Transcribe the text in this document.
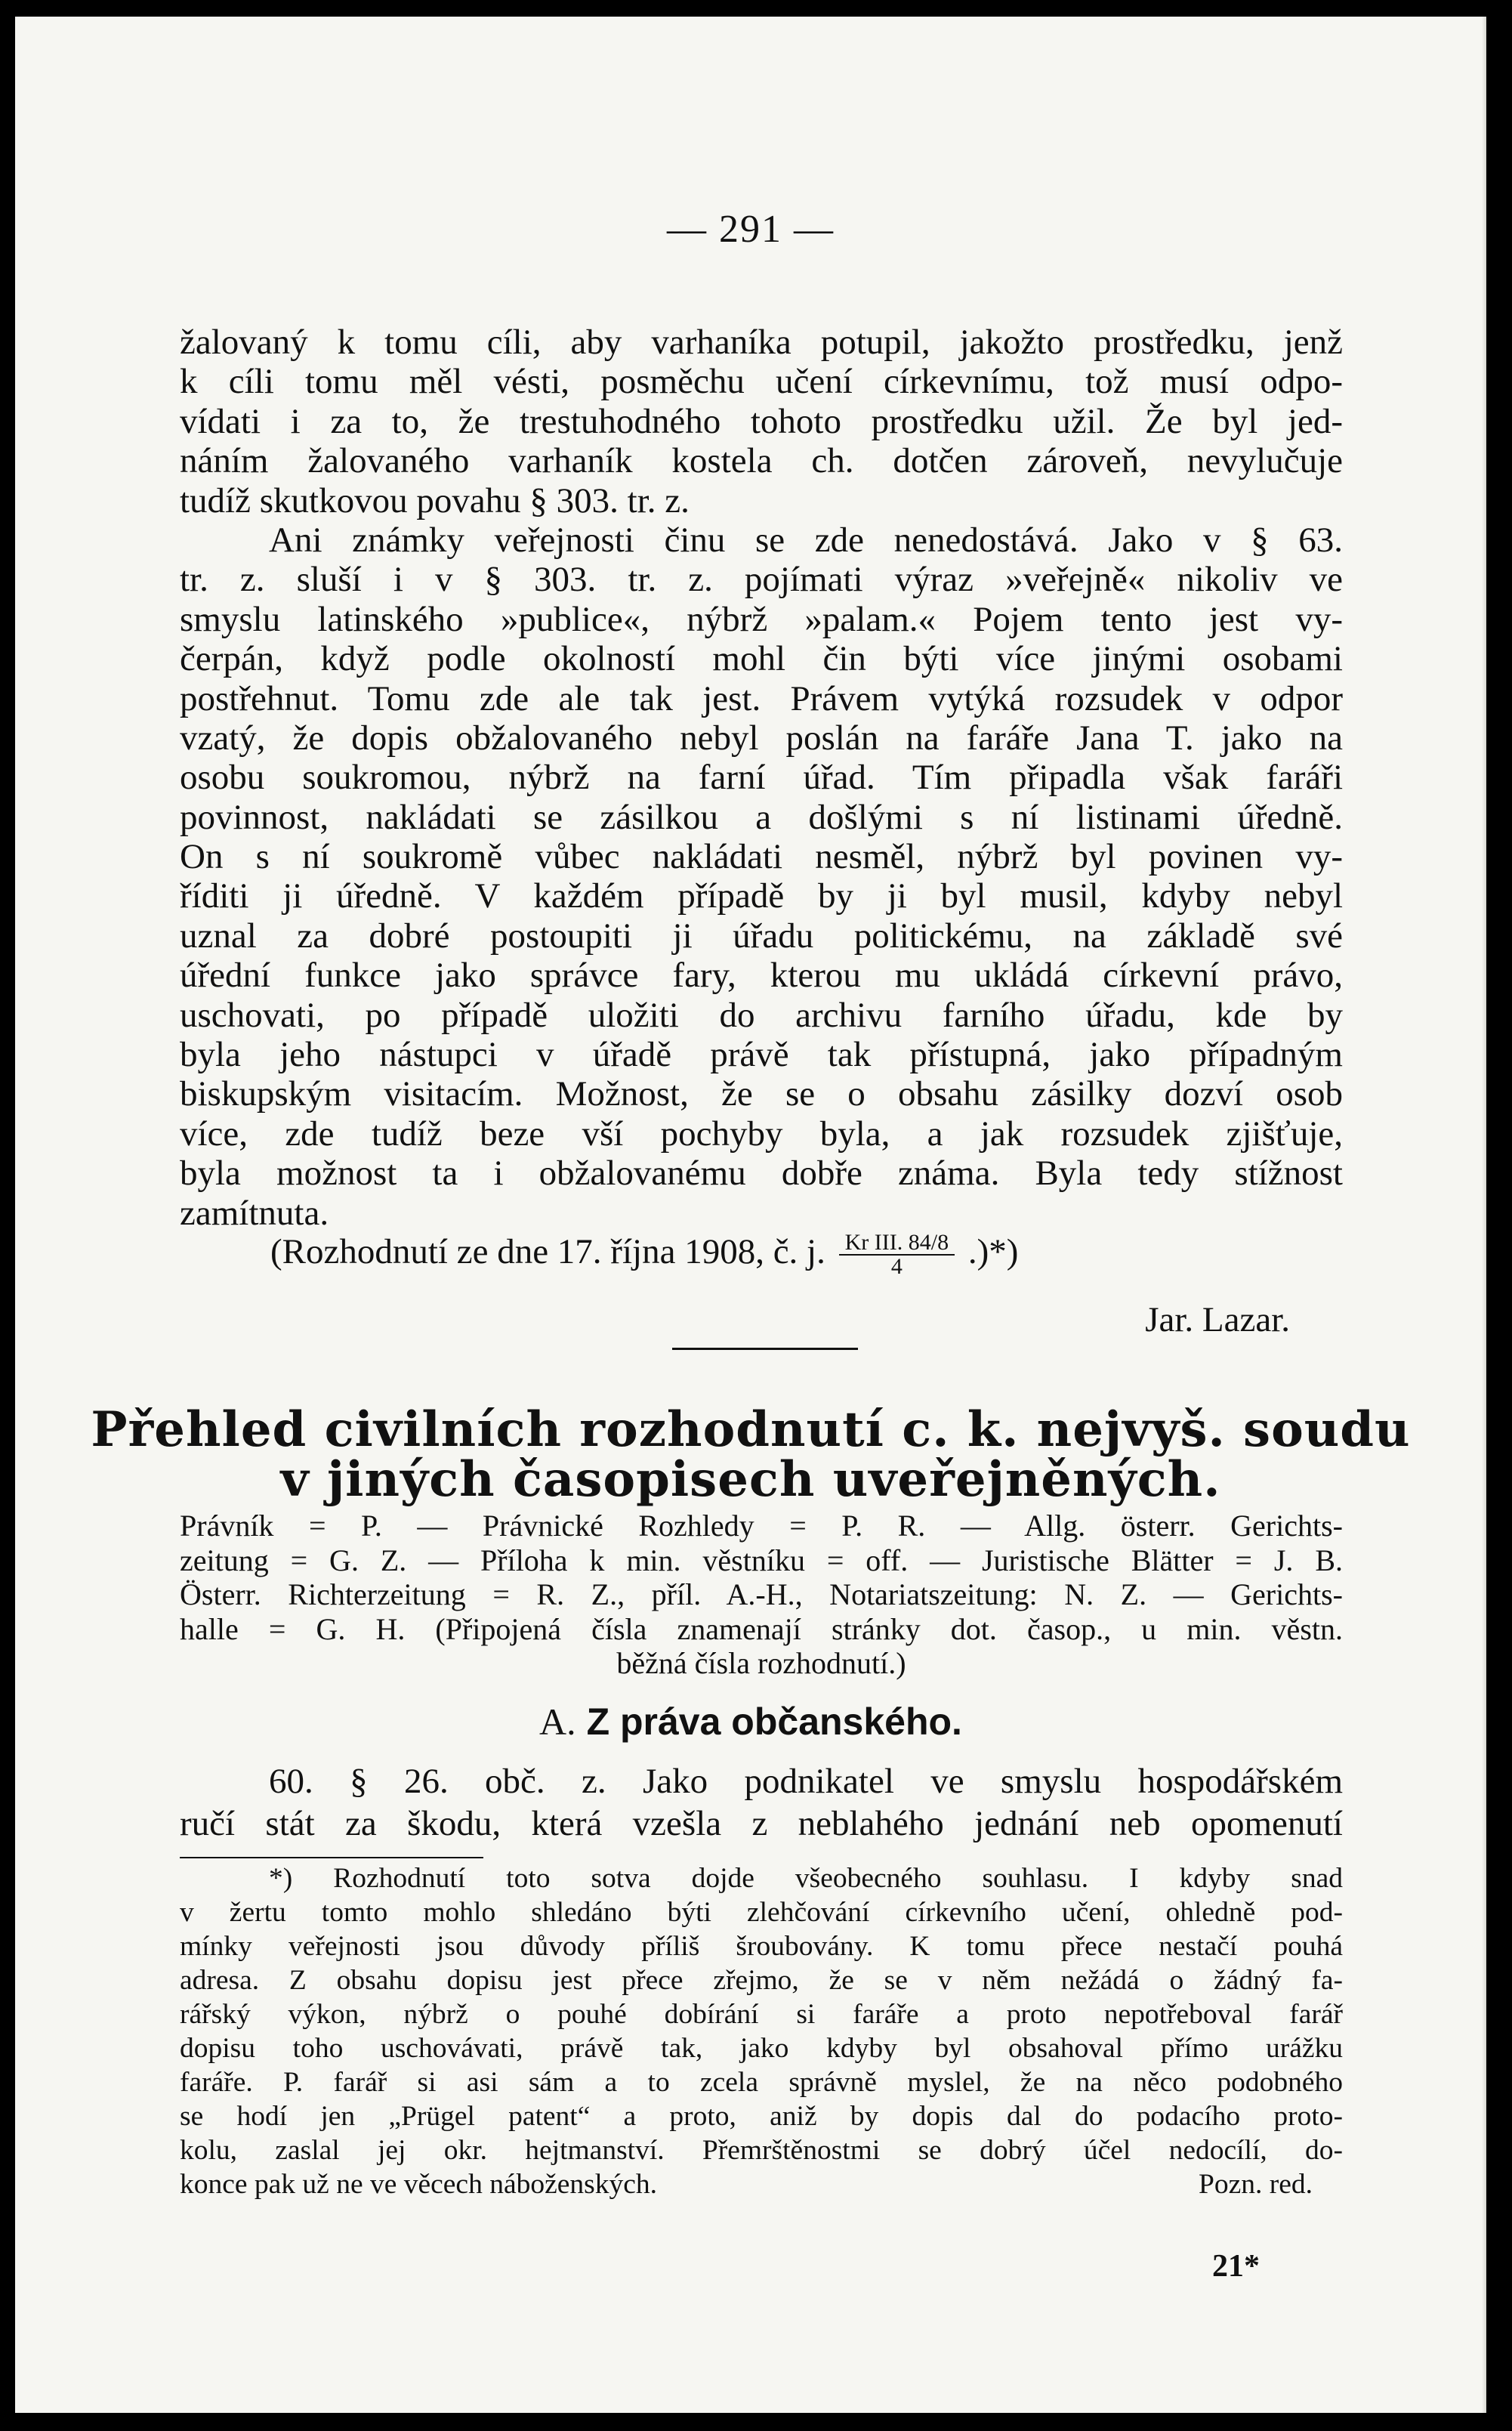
— 291 —
žalovaný k tomu cíli, aby varhaníka potupil, jakožto prostředku, jenž
k cíli tomu měl vésti, posměchu učení církevnímu, tož musí odpo-
vídati i za to, že trestuhodného tohoto prostředku užil. Že byl jed-
náním žalovaného varhaník kostela ch. dotčen zároveň, nevylučuje
tudíž skutkovou povahu § 303. tr. z.
Ani známky veřejnosti činu se zde nenedostává. Jako v § 63.
tr. z. sluší i v § 303. tr. z. pojímati výraz »veřejně« nikoliv ve
smyslu latinského »publice«, nýbrž »palam.« Pojem tento jest vy-
čerpán, když podle okolností mohl čin býti více jinými osobami
postřehnut. Tomu zde ale tak jest. Právem vytýká rozsudek v odpor
vzatý, že dopis obžalovaného nebyl poslán na faráře Jana T. jako na
osobu soukromou, nýbrž na farní úřad. Tím připadla však faráři
povinnost, nakládati se zásilkou a došlými s ní listinami úředně.
On s ní soukromě vůbec nakládati nesměl, nýbrž byl povinen vy-
říditi ji úředně. V každém případě by ji byl musil, kdyby nebyl
uznal za dobré postoupiti ji úřadu politickému, na základě své
úřední funkce jako správce fary, kterou mu ukládá církevní právo,
uschovati, po případě uložiti do archivu farního úřadu, kde by
byla jeho nástupci v úřadě právě tak přístupná, jako případným
biskupským visitacím. Možnost, že se o obsahu zásilky dozví osob
více, zde tudíž beze vší pochyby byla, a jak rozsudek zjišťuje,
byla možnost ta i obžalovanému dobře známa. Byla tedy stížnost
zamítnuta.
(Rozhodnutí ze dne 17. října 1908, č. j. $\frac{\text{Kr III. 84/8}}{4}$ .)*)
Jar. Lazar.
Přehled civilních rozhodnutí c. k. nejvyš. soudu
v jiných časopisech uveřejněných.
Právník = P. — Právnické Rozhledy = P. R. — Allg. österr. Gerichts-
zeitung = G. Z. — Příloha k min. věstníku = off. — Juristische Blätter = J. B.
Österr. Richterzeitung = R. Z., příl. A.-H., Notariatszeitung: N. Z. — Gerichts-
halle = G. H. (Připojená čísla znamenají stránky dot. časop., u min. věstn.
běžná čísla rozhodnutí.)
A. Z práva občanského.
60. § 26. obč. z. Jako podnikatel ve smyslu hospodářském
ručí stát za škodu, která vzešla z neblahého jednání neb opomenutí
*) Rozhodnutí toto sotva dojde všeobecného souhlasu. I kdyby snad
v žertu tomto mohlo shledáno býti zlehčování církevního učení, ohledně pod-
mínky veřejnosti jsou důvody příliš šroubovány. K tomu přece nestačí pouhá
adresa. Z obsahu dopisu jest přece zřejmo, že se v něm nežádá o žádný fa-
rářský výkon, nýbrž o pouhé dobírání si faráře a proto nepotřeboval farář
dopisu toho uschovávati, právě tak, jako kdyby byl obsahoval přímo urážku
faráře. P. farář si asi sám a to zcela správně myslel, že na něco podobného
se hodí jen „Prügel patent“ a proto, aniž by dopis dal do podacího proto-
kolu, zaslal jej okr. hejtmanství. Přemrštěnostmi se dobrý účel nedocílí, do-
konce pak už ne ve věcech náboženských.	Pozn. red.
21*
